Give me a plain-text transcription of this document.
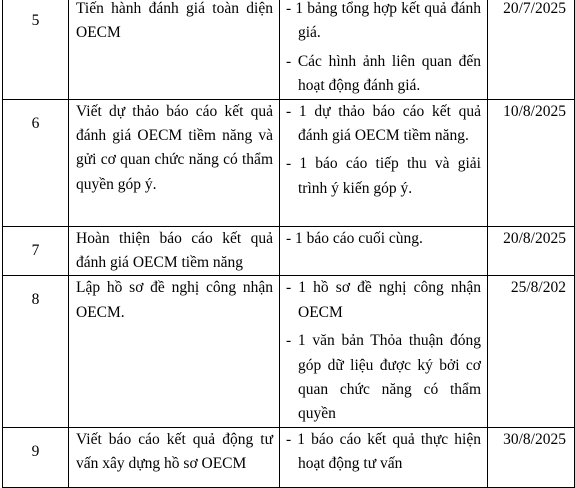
5	Tiến hành đánh giá toàn diện OECM	- 1 bảng tổng hợp kết quả đánh giá.
- Các hình ảnh liên quan đến hoạt động đánh giá.	20/7/2025

6	Viết dự thảo báo cáo kết quả đánh giá OECM tiềm năng và gửi cơ quan chức năng có thẩm quyền góp ý.	- 1 dự thảo báo cáo kết quả đánh giá OECM tiềm năng.
- 1 báo cáo tiếp thu và giải trình ý kiến góp ý.	10/8/2025

7	Hoàn thiện báo cáo kết quả đánh giá OECM tiềm năng	- 1 báo cáo cuối cùng.	20/8/2025

8	Lập hồ sơ đề nghị công nhận OECM.	- 1 hồ sơ đề nghị công nhận OECM
- 1 văn bản Thỏa thuận đóng góp dữ liệu được ký bởi cơ quan chức năng có thẩm quyền	25/8/202

9	Viết báo cáo kết quả động tư vấn xây dựng hồ sơ OECM	- 1 báo cáo kết quả thực hiện hoạt động tư vấn	30/8/2025
